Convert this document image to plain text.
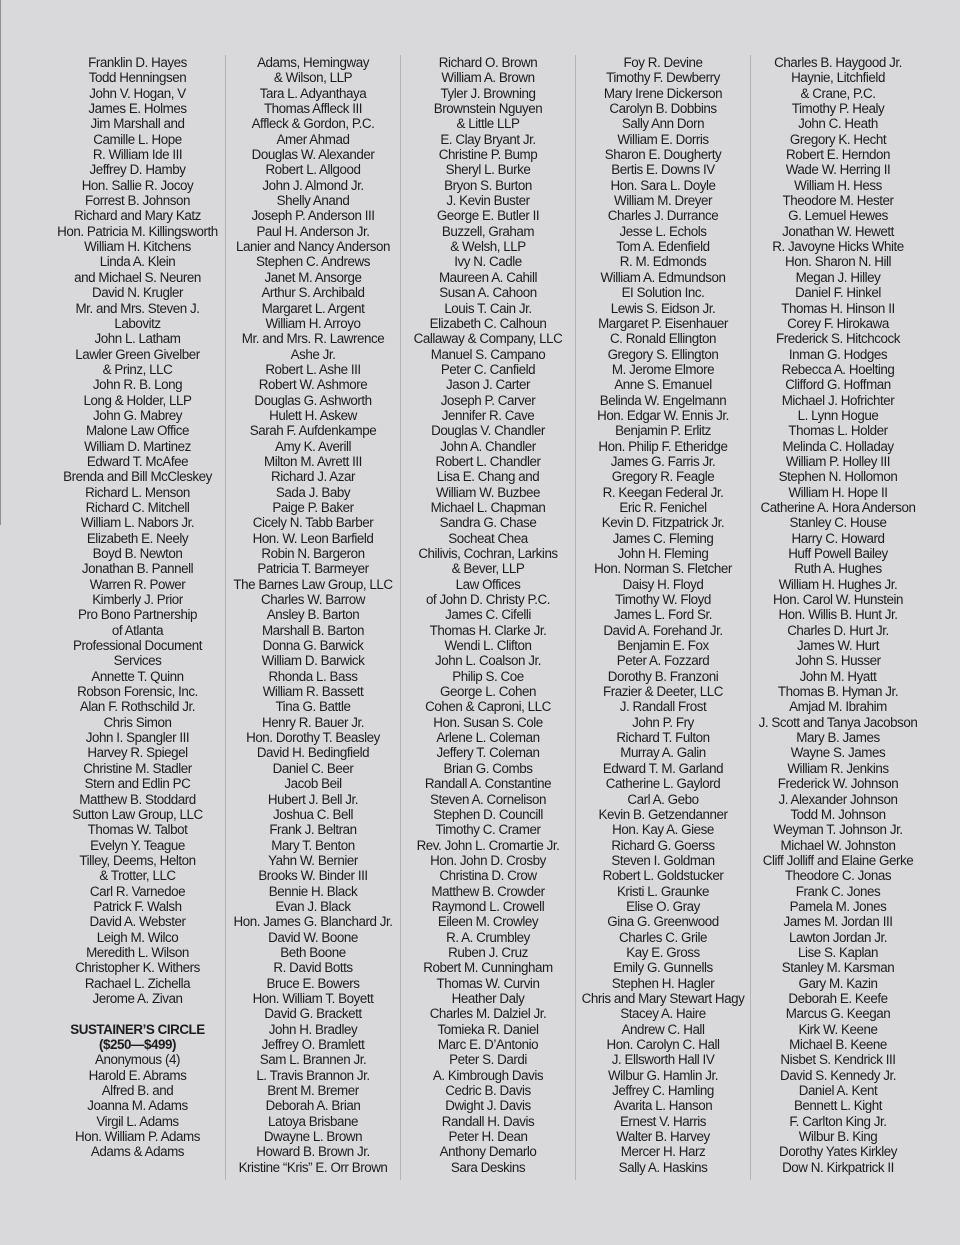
Franklin D. Hayes
Todd Henningsen
John V. Hogan, V
James E. Holmes
Jim Marshall and
Camille L. Hope
R. William Ide III
Jeffrey D. Hamby
Hon. Sallie R. Jocoy
Forrest B. Johnson
Richard and Mary Katz
Hon. Patricia M. Killingsworth
William H. Kitchens
Linda A. Klein
and Michael S. Neuren
David N. Krugler
Mr. and Mrs. Steven J.
Labovitz
John L. Latham
Lawler Green Givelber
& Prinz, LLC
John R. B. Long
Long & Holder, LLP
John G. Mabrey
Malone Law Office
William D. Martinez
Edward T. McAfee
Brenda and Bill McCleskey
Richard L. Menson
Richard C. Mitchell
William L. Nabors Jr.
Elizabeth E. Neely
Boyd B. Newton
Jonathan B. Pannell
Warren R. Power
Kimberly J. Prior
Pro Bono Partnership
of Atlanta
Professional Document
Services
Annette T. Quinn
Robson Forensic, Inc.
Alan F. Rothschild Jr.
Chris Simon
John I. Spangler III
Harvey R. Spiegel
Christine M. Stadler
Stern and Edlin PC
Matthew B. Stoddard
Sutton Law Group, LLC
Thomas W. Talbot
Evelyn Y. Teague
Tilley, Deems, Helton
& Trotter, LLC
Carl R. Varnedoe
Patrick F. Walsh
David A. Webster
Leigh M. Wilco
Meredith L. Wilson
Christopher K. Withers
Rachael L. Zichella
Jerome A. Zivan
SUSTAINER’S CIRCLE
($250—$499)
Anonymous (4)
Harold E. Abrams
Alfred B. and
Joanna M. Adams
Virgil L. Adams
Hon. William P. Adams
Adams & Adams
Adams, Hemingway
& Wilson, LLP
Tara L. Adyanthaya
Thomas Affleck III
Affleck & Gordon, P.C.
Amer Ahmad
Douglas W. Alexander
Robert L. Allgood
John J. Almond Jr.
Shelly Anand
Joseph P. Anderson III
Paul H. Anderson Jr.
Lanier and Nancy Anderson
Stephen C. Andrews
Janet M. Ansorge
Arthur S. Archibald
Margaret L. Argent
William H. Arroyo
Mr. and Mrs. R. Lawrence
Ashe Jr.
Robert L. Ashe III
Robert W. Ashmore
Douglas G. Ashworth
Hulett H. Askew
Sarah F. Aufdenkampe
Amy K. Averill
Milton M. Avrett III
Richard J. Azar
Sada J. Baby
Paige P. Baker
Cicely N. Tabb Barber
Hon. W. Leon Barfield
Robin N. Bargeron
Patricia T. Barmeyer
The Barnes Law Group, LLC
Charles W. Barrow
Ansley B. Barton
Marshall B. Barton
Donna G. Barwick
William D. Barwick
Rhonda L. Bass
William R. Bassett
Tina G. Battle
Henry R. Bauer Jr.
Hon. Dorothy T. Beasley
David H. Bedingfield
Daniel C. Beer
Jacob Beil
Hubert J. Bell Jr.
Joshua C. Bell
Frank J. Beltran
Mary T. Benton
Yahn W. Bernier
Brooks W. Binder III
Bennie H. Black
Evan J. Black
Hon. James G. Blanchard Jr.
David W. Boone
Beth Boone
R. David Botts
Bruce E. Bowers
Hon. William T. Boyett
David G. Brackett
John H. Bradley
Jeffrey O. Bramlett
Sam L. Brannen Jr.
L. Travis Brannon Jr.
Brent M. Bremer
Deborah A. Brian
Latoya Brisbane
Dwayne L. Brown
Howard B. Brown Jr.
Kristine “Kris” E. Orr Brown
Richard O. Brown
William A. Brown
Tyler J. Browning
Brownstein Nguyen
& Little LLP
E. Clay Bryant Jr.
Christine P. Bump
Sheryl L. Burke
Bryon S. Burton
J. Kevin Buster
George E. Butler II
Buzzell, Graham
& Welsh, LLP
Ivy N. Cadle
Maureen A. Cahill
Susan A. Cahoon
Louis T. Cain Jr.
Elizabeth C. Calhoun
Callaway & Company, LLC
Manuel S. Campano
Peter C. Canfield
Jason J. Carter
Joseph P. Carver
Jennifer R. Cave
Douglas V. Chandler
John A. Chandler
Robert L. Chandler
Lisa E. Chang and
William W. Buzbee
Michael L. Chapman
Sandra G. Chase
Socheat Chea
Chilivis, Cochran, Larkins
& Bever, LLP
Law Offices
of John D. Christy P.C.
James C. Cifelli
Thomas H. Clarke Jr.
Wendi L. Clifton
John L. Coalson Jr.
Philip S. Coe
George L. Cohen
Cohen & Caproni, LLC
Hon. Susan S. Cole
Arlene L. Coleman
Jeffery T. Coleman
Brian G. Combs
Randall A. Constantine
Steven A. Cornelison
Stephen D. Councill
Timothy C. Cramer
Rev. John L. Cromartie Jr.
Hon. John D. Crosby
Christina D. Crow
Matthew B. Crowder
Raymond L. Crowell
Eileen M. Crowley
R. A. Crumbley
Ruben J. Cruz
Robert M. Cunningham
Thomas W. Curvin
Heather Daly
Charles M. Dalziel Jr.
Tomieka R. Daniel
Marc E. D’Antonio
Peter S. Dardi
A. Kimbrough Davis
Cedric B. Davis
Dwight J. Davis
Randall H. Davis
Peter H. Dean
Anthony Demarlo
Sara Deskins
Foy R. Devine
Timothy F. Dewberry
Mary Irene Dickerson
Carolyn B. Dobbins
Sally Ann Dorn
William E. Dorris
Sharon E. Dougherty
Bertis E. Downs IV
Hon. Sara L. Doyle
William M. Dreyer
Charles J. Durrance
Jesse L. Echols
Tom A. Edenfield
R. M. Edmonds
William A. Edmundson
EI Solution Inc.
Lewis S. Eidson Jr.
Margaret P. Eisenhauer
C. Ronald Ellington
Gregory S. Ellington
M. Jerome Elmore
Anne S. Emanuel
Belinda W. Engelmann
Hon. Edgar W. Ennis Jr.
Benjamin P. Erlitz
Hon. Philip F. Etheridge
James G. Farris Jr.
Gregory R. Feagle
R. Keegan Federal Jr.
Eric R. Fenichel
Kevin D. Fitzpatrick Jr.
James C. Fleming
John H. Fleming
Hon. Norman S. Fletcher
Daisy H. Floyd
Timothy W. Floyd
James L. Ford Sr.
David A. Forehand Jr.
Benjamin E. Fox
Peter A. Fozzard
Dorothy B. Franzoni
Frazier & Deeter, LLC
J. Randall Frost
John P. Fry
Richard T. Fulton
Murray A. Galin
Edward T. M. Garland
Catherine L. Gaylord
Carl A. Gebo
Kevin B. Getzendanner
Hon. Kay A. Giese
Richard G. Goerss
Steven I. Goldman
Robert L. Goldstucker
Kristi L. Graunke
Elise O. Gray
Gina G. Greenwood
Charles C. Grile
Kay E. Gross
Emily G. Gunnells
Stephen H. Hagler
Chris and Mary Stewart Hagy
Stacey A. Haire
Andrew C. Hall
Hon. Carolyn C. Hall
J. Ellsworth Hall IV
Wilbur G. Hamlin Jr.
Jeffrey C. Hamling
Avarita L. Hanson
Ernest V. Harris
Walter B. Harvey
Mercer H. Harz
Sally A. Haskins
Charles B. Haygood Jr.
Haynie, Litchfield
& Crane, P.C.
Timothy P. Healy
John C. Heath
Gregory K. Hecht
Robert E. Herndon
Wade W. Herring II
William H. Hess
Theodore M. Hester
G. Lemuel Hewes
Jonathan W. Hewett
R. Javoyne Hicks White
Hon. Sharon N. Hill
Megan J. Hilley
Daniel F. Hinkel
Thomas H. Hinson II
Corey F. Hirokawa
Frederick S. Hitchcock
Inman G. Hodges
Rebecca A. Hoelting
Clifford G. Hoffman
Michael J. Hofrichter
L. Lynn Hogue
Thomas L. Holder
Melinda C. Holladay
William P. Holley III
Stephen N. Hollomon
William H. Hope II
Catherine A. Hora Anderson
Stanley C. House
Harry C. Howard
Huff Powell Bailey
Ruth A. Hughes
William H. Hughes Jr.
Hon. Carol W. Hunstein
Hon. Willis B. Hunt Jr.
Charles D. Hurt Jr.
James W. Hurt
John S. Husser
John M. Hyatt
Thomas B. Hyman Jr.
Amjad M. Ibrahim
J. Scott and Tanya Jacobson
Mary B. James
Wayne S. James
William R. Jenkins
Frederick W. Johnson
J. Alexander Johnson
Todd M. Johnson
Weyman T. Johnson Jr.
Michael W. Johnston
Cliff Jolliff and Elaine Gerke
Theodore C. Jonas
Frank C. Jones
Pamela M. Jones
James M. Jordan III
Lawton Jordan Jr.
Lise S. Kaplan
Stanley M. Karsman
Gary M. Kazin
Deborah E. Keefe
Marcus G. Keegan
Kirk W. Keene
Michael B. Keene
Nisbet S. Kendrick III
David S. Kennedy Jr.
Daniel A. Kent
Bennett L. Kight
F. Carlton King Jr.
Wilbur B. King
Dorothy Yates Kirkley
Dow N. Kirkpatrick II
